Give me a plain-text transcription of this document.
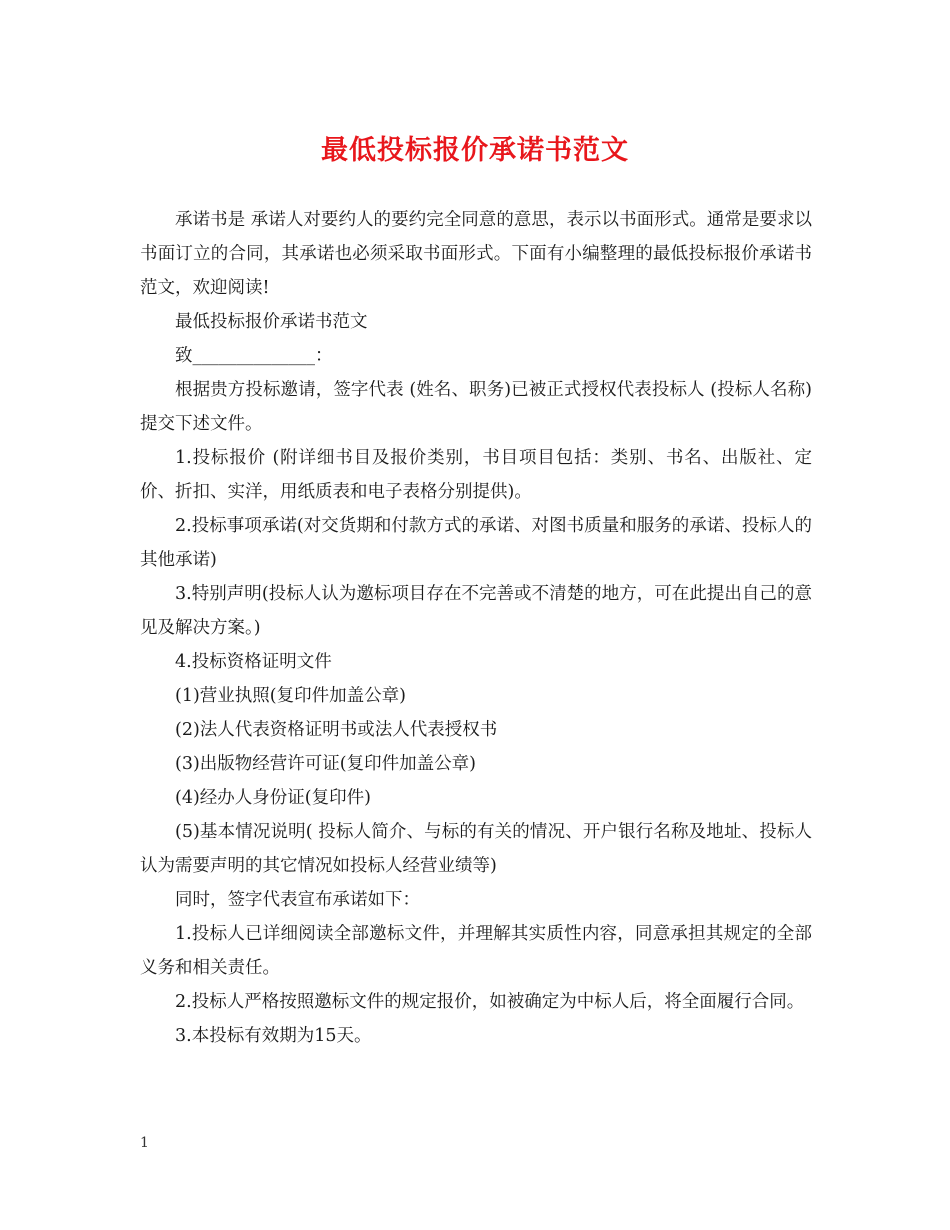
最低投标报价承诺书范文

承诺书是 承诺人对要约人的要约完全同意的意思，表示以书面形式。通常是要求以书面订立的合同，其承诺也必须采取书面形式。下面有小编整理的最低投标报价承诺书范文，欢迎阅读!

最低投标报价承诺书范文

致______________：

根据贵方投标邀请，签字代表 (姓名、职务)已被正式授权代表投标人 (投标人名称)提交下述文件。

1.投标报价 (附详细书目及报价类别，书目项目包括：类别、书名、出版社、定价、折扣、实洋，用纸质表和电子表格分别提供)。

2.投标事项承诺(对交货期和付款方式的承诺、对图书质量和服务的承诺、投标人的其他承诺)

3.特别声明(投标人认为邀标项目存在不完善或不清楚的地方，可在此提出自己的意见及解决方案。)

4.投标资格证明文件

(1)营业执照(复印件加盖公章)

(2)法人代表资格证明书或法人代表授权书

(3)出版物经营许可证(复印件加盖公章)

(4)经办人身份证(复印件)

(5)基本情况说明( 投标人简介、与标的有关的情况、开户银行名称及地址、投标人认为需要声明的其它情况如投标人经营业绩等)

同时，签字代表宣布承诺如下：

1.投标人已详细阅读全部邀标文件，并理解其实质性内容，同意承担其规定的全部义务和相关责任。

2.投标人严格按照邀标文件的规定报价，如被确定为中标人后，将全面履行合同。

3.本投标有效期为15天。

1
